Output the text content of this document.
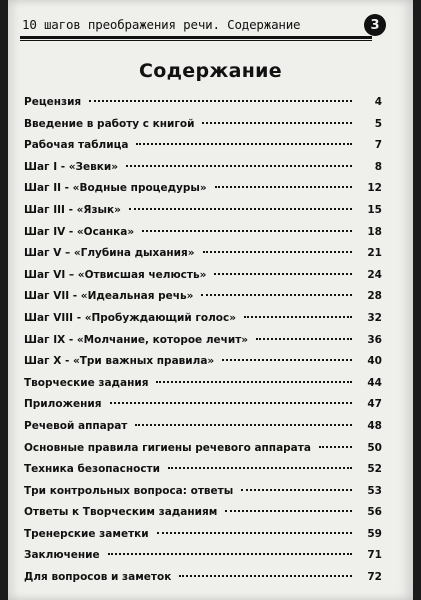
10 шагов преображения речи. Содержание	3
Содержание
Рецензия	4
Введение в работу с книгой	5
Рабочая таблица	7
Шаг I - «Зевки»	8
Шаг II - «Водные процедуры»	12
Шаг III - «Язык»	15
Шаг IV - «Осанка»	18
Шаг V – «Глубина дыхания»	21
Шаг VI – «Отвисшая челюсть»	24
Шаг VII - «Идеальная речь»	28
Шаг VIII - «Пробуждающий голос»	32
Шаг IX - «Молчание, которое лечит»	36
Шаг X - «Три важных правила»	40
Творческие задания	44
Приложения	47
Речевой аппарат	48
Основные правила гигиены речевого аппарата	50
Техника безопасности	52
Три контрольных вопроса: ответы	53
Ответы к Творческим заданиям	56
Тренерские заметки	59
Заключение	71
Для вопросов и заметок	72
